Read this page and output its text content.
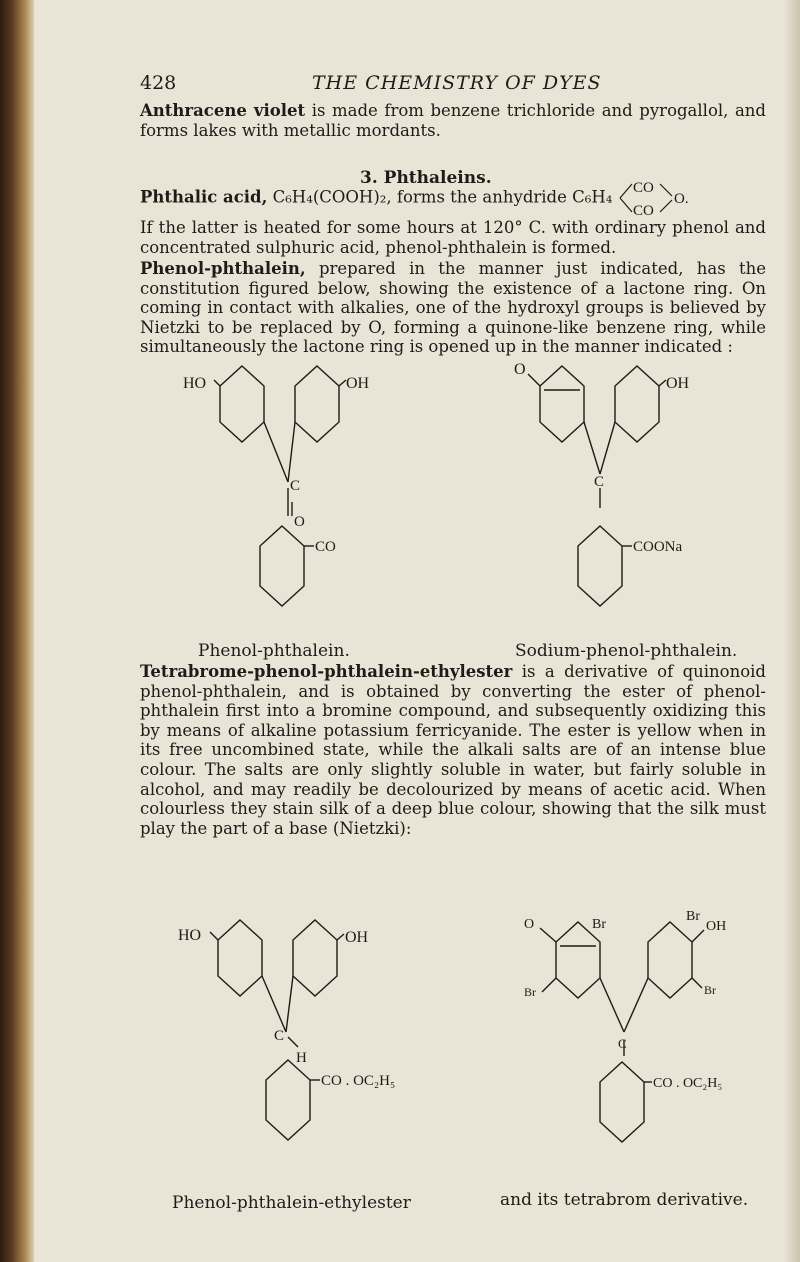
428	THE CHEMISTRY OF DYES
Anthracene violet is made from benzene trichloride and pyrogallol, and forms lakes with metallic mordants.
3. Phthaleins.
Phthalic acid, C₆H₄(COOH)₂, forms the anhydride C₆H₄ CO
CO
O.
If the latter is heated for some hours at 120° C. with ordinary phenol and concentrated sulphuric acid, phenol-phthalein is formed.
Phenol-phthalein, prepared in the manner just indicated, has the constitution figured below, showing the existence of a lactone ring. On coming in contact with alkalies, one of the hydroxyl groups is believed by Nietzki to be replaced by O, forming a quinone-like benzene ring, while simultaneously the lactone ring is opened up in the manner indicated :
HO	OH
C
O
CO
Phenol-phthalein.
O
OH
C
COONa
Sodium-phenol-phthalein.
Tetrabrome-phenol-phthalein-ethylester is a derivative of quinonoid phenol-phthalein, and is obtained by converting the ester of phenol-phthalein first into a bromine compound, and subsequently oxidizing this by means of alkaline potassium ferricyanide. The ester is yellow when in its free uncombined state, while the alkali salts are of an intense blue colour. The salts are only slightly soluble in water, but fairly soluble in alcohol, and may readily be decolourized by means of acetic acid. When colourless they stain silk of a deep blue colour, showing that the silk must play the part of a base (Nietzki):
HO	OH
C
H
CO . OC₂H₅
Phenol-phthalein-ethylester
O	Br
Br
OH
Br	Br
C
CO . OC₂H₅
and its tetrabrom derivative.
